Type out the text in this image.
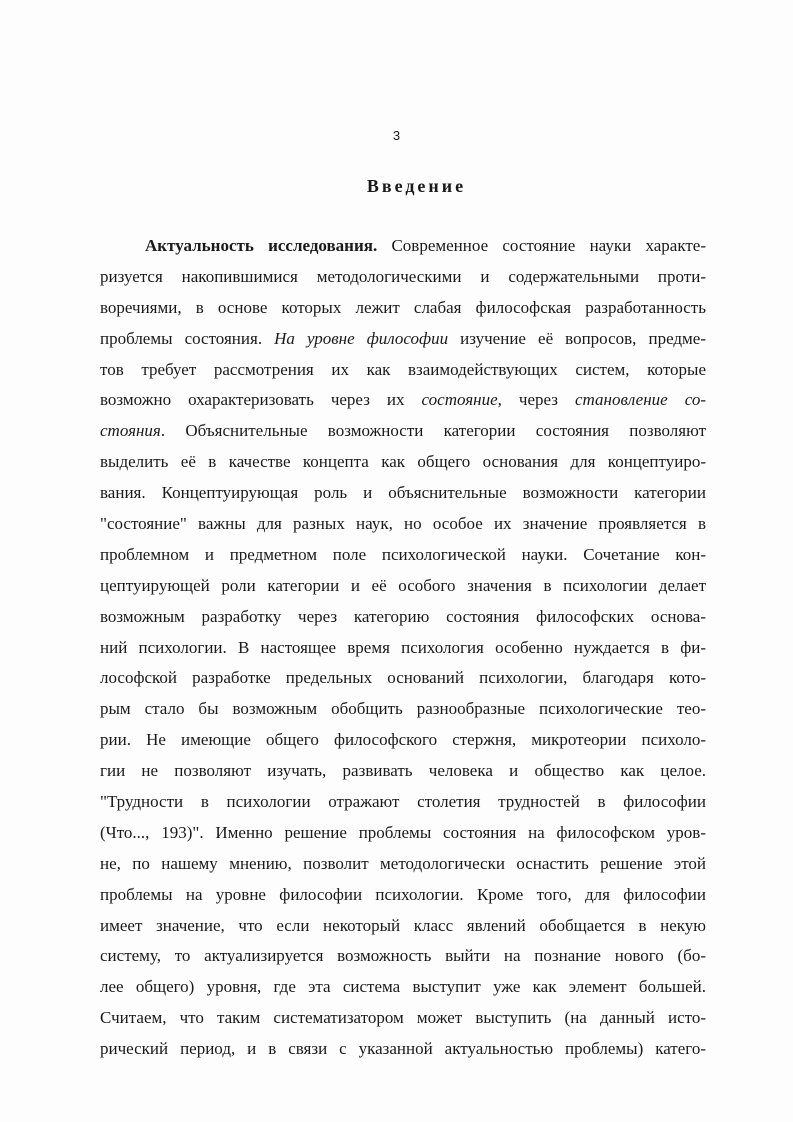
3
Введение
Актуальность исследования. Современное состояние науки характе-
ризуется накопившимися методологическими и содержательными проти-
воречиями, в основе которых лежит слабая философская разработанность
проблемы состояния. На уровне философии изучение её вопросов, предме-
тов требует рассмотрения их как взаимодействующих систем, которые
возможно охарактеризовать через их состояние, через становление со-
стояния. Объяснительные возможности категории состояния позволяют
выделить её в качестве концепта как общего основания для концептуиро-
вания. Концептуирующая роль и объяснительные возможности категории
"состояние" важны для разных наук, но особое их значение проявляется в
проблемном и предметном поле психологической науки. Сочетание кон-
цептуирующей роли категории и её особого значения в психологии делает
возможным разработку через категорию состояния философских основа-
ний психологии. В настоящее время психология особенно нуждается в фи-
лософской разработке предельных оснований психологии, благодаря кото-
рым стало бы возможным обобщить разнообразные психологические тео-
рии. Не имеющие общего философского стержня, микротеории психоло-
гии не позволяют изучать, развивать человека и общество как целое.
"Трудности в психологии отражают столетия трудностей в философии
(Что..., 193)". Именно решение проблемы состояния на философском уров-
не, по нашему мнению, позволит методологически оснастить решение этой
проблемы на уровне философии психологии. Кроме того, для философии
имеет значение, что если некоторый класс явлений обобщается в некую
систему, то актуализируется возможность выйти на познание нового (бо-
лее общего) уровня, где эта система выступит уже как элемент большей.
Считаем, что таким систематизатором может выступить (на данный исто-
рический период, и в связи с указанной актуальностью проблемы) катего-
